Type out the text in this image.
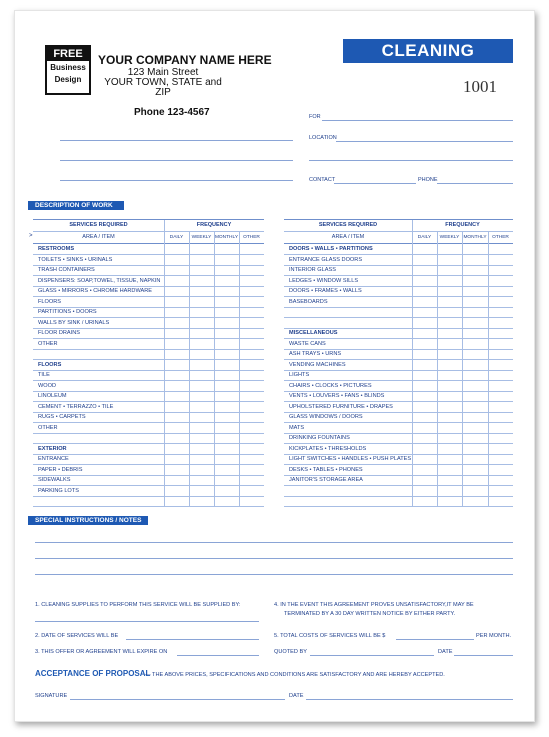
FREE
Business
Design
YOUR COMPANY NAME HERE
123 Main Street
YOUR TOWN, STATE and ZIP
Phone 123-4567
CLEANING PROPOSAL
1001
FOR
LOCATION
CONTACT	PHONE
DESCRIPTION OF WORK
>
SERVICES REQUIRED	FREQUENCY
AREA / ITEM	DAILY	WEEKLY MONTHLY	OTHER
RESTROOMS
TOILETS • SINKS • URINALS
TRASH CONTAINERS
DISPENSERS: SOAP,TOWEL, TISSUE, NAPKIN
GLASS • MIRRORS • CHROME HARDWARE
FLOORS
PARTITIONS • DOORS
WALLS BY SINK / URINALS
FLOOR DRAINS
OTHER
FLOORS
TILE
WOOD
LINOLEUM
CEMENT • TERRAZZO • TILE
RUGS • CARPETS
OTHER
EXTERIOR
ENTRANCE
PAPER • DEBRIS
SIDEWALKS
PARKING LOTS
SERVICES REQUIRED	FREQUENCY
AREA / ITEM	DAILY	WEEKLY MONTHLY	OTHER
DOORS • WALLS • PARTITIONS
ENTRANCE GLASS DOORS
INTERIOR GLASS
LEDGES • WINDOW SILLS
DOORS • FRAMES • WALLS
BASEBOARDS
MISCELLANEOUS
WASTE CANS
ASH TRAYS • URNS
VENDING MACHINES
LIGHTS
CHAIRS • CLOCKS • PICTURES
VENTS • LOUVERS • FANS • BLINDS
UPHOLSTERED FURNITURE • DRAPES
GLASS WINDOWS / DOORS
MATS
DRINKING FOUNTAINS
KICKPLATES • THRESHOLDS
LIGHT SWITCHES • HANDLES • PUSH PLATES
DESKS • TABLES • PHONES
JANITOR'S STORAGE AREA
SPECIAL INSTRUCTIONS / NOTES
1. CLEANING SUPPLIES TO PERFORM THIS SERVICE WILL BE SUPPLIED BY:	4. IN THE EVENT THIS AGREEMENT PROVES UNSATISFACTORY,IT MAY BE
TERMINATED BY A 30 DAY WRITTEN NOTICE BY EITHER PARTY.
2. DATE OF SERVICES WILL BE	5. TOTAL COSTS OF SERVICES WILL BE $	PER MONTH.
3. THIS OFFER OR AGREEMENT WILL EXPIRE ON	QUOTED BY	DATE
ACCEPTANCE OF PROPOSAL
— THE ABOVE PRICES, SPECIFICATIONS AND CONDITIONS ARE SATISFACTORY AND ARE HEREBY ACCEPTED.
SIGNATURE	DATE
